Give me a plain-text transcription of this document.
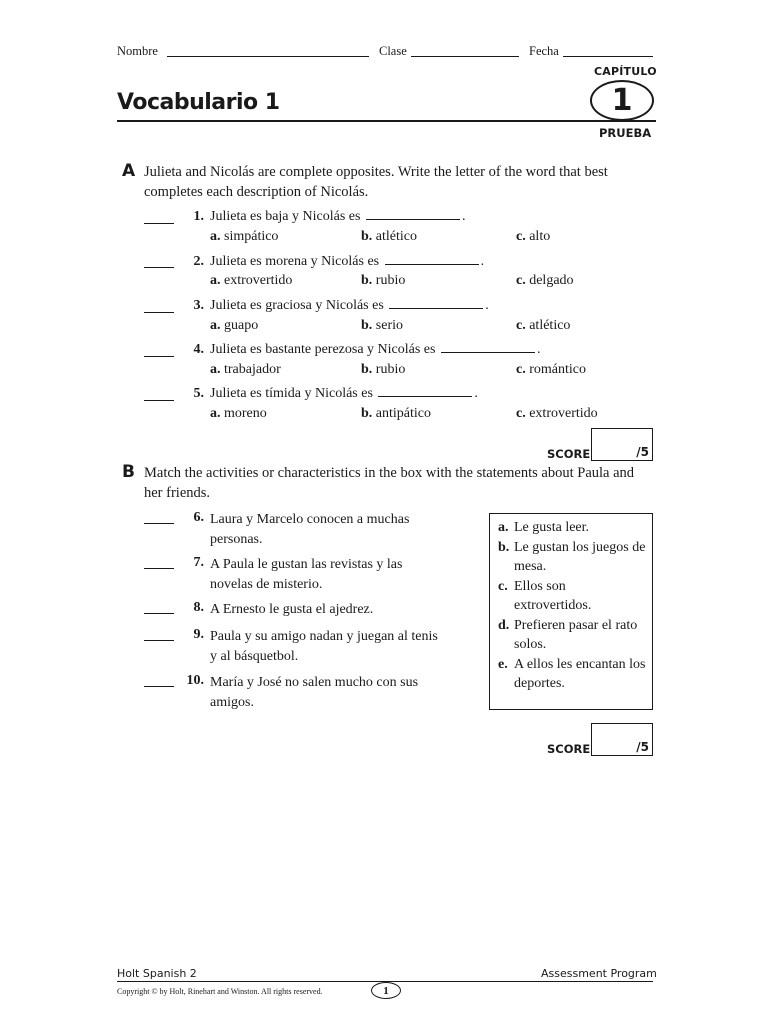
Nombre	Clase	Fecha
CAPÍTULO
Vocabulario 1	1
PRUEBA
A Julieta and Nicolás are complete opposites. Write the letter of the word that best completes each description of Nicolás.
1. Julieta es baja y Nicolás es	.
a. simpático	b. atlético	c. alto
2. Julieta es morena y Nicolás es	.
a. extrovertido	b. rubio	c. delgado
3. Julieta es graciosa y Nicolás es	.
a. guapo	b. serio	c. atlético
4. Julieta es bastante perezosa y Nicolás es	.
a. trabajador	b. rubio	c. romántico
5. Julieta es tímida y Nicolás es	.
a. moreno	b. antipático	c. extrovertido
SCORE	/5
B Match the activities or characteristics in the box with the statements about Paula and her friends.
6. Laura y Marcelo conocen a muchas
personas.
7. A Paula le gustan las revistas y las
novelas de misterio.
8. A Ernesto le gusta el ajedrez.
9. Paula y su amigo nadan y juegan al tenis
y al básquetbol.
10. María y José no salen mucho con sus
amigos.
a. Le gusta leer.
b. Le gustan los juegos de mesa.
c. Ellos son extrovertidos.
d. Prefieren pasar el rato solos.
e. A ellos les encantan los deportes.
SCORE	/5
Holt Spanish 2	Assessment Program
Copyright © by Holt, Rinehart and Winston. All rights reserved.	1
